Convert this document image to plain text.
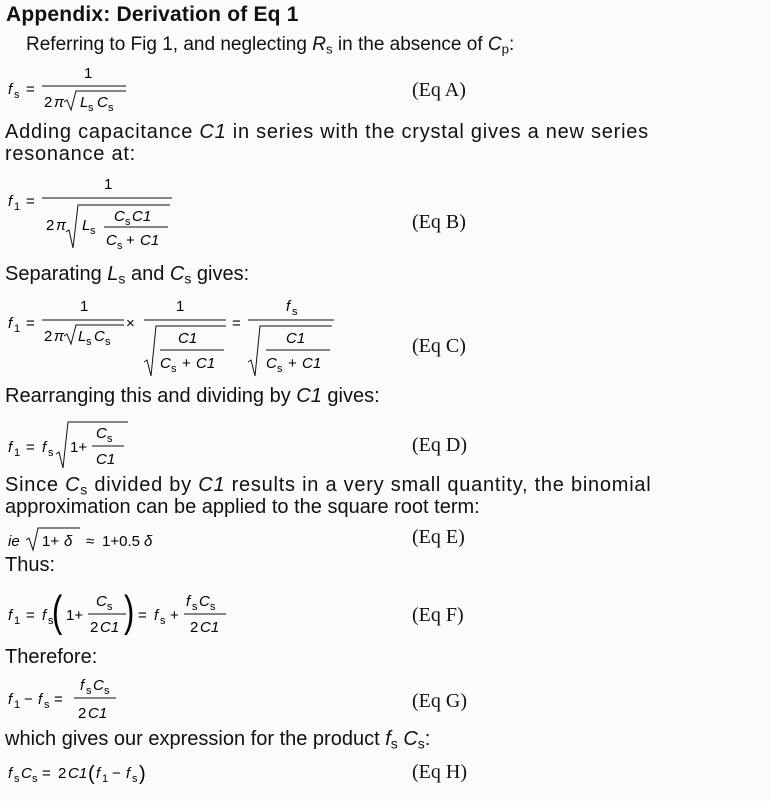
Appendix: Derivation of Eq 1
Referring to Fig 1, and neglecting $R_s$ in the absence of $C_p$:
f s =
1
2 π L s C s
(Eq A)
Adding capacitance C1 in series with the crystal gives a new series
resonance at:
f 1 =
1
2 π L s
C s C1
C s + C1
(Eq B)
Separating $L_s$ and $C_s$ gives:
f 1 =
1
2 π L s C s
×
1
C1
C s + C1
=
f s
C1
C s + C1
(Eq C)
Rearranging this and dividing by C1 gives:
f 1 = f s 1+
C s
C1
(Eq D)
Since $C_s$ divided by C1 results in a very small quantity, the binomial
approximation can be applied to the square root term:
ie 1+ δ ≈ 1+0.5 δ	(Eq E)
Thus:
f 1 = f s
( 1+
C s
2 C1 ) = f s +
f s C s
2 C1
(Eq F)
Therefore:
f 1 − f s =
f s C s
2 C1
(Eq G)
which gives our expression for the product $f_s$ $C_s$:
f s C s = 2 C1 ( f 1 − f s )	(Eq H)
